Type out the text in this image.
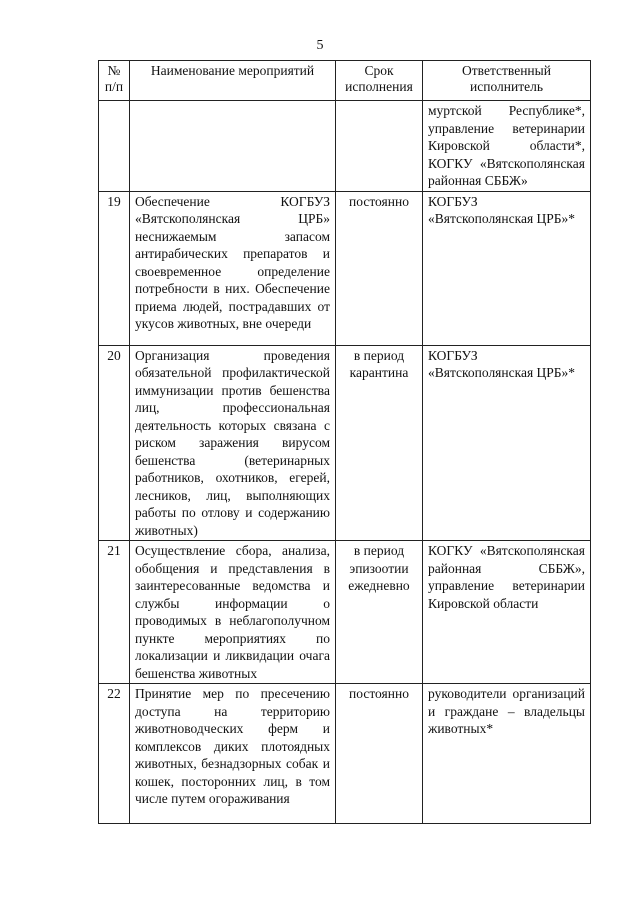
5
№ п/п	Наименование мероприятий	Срок исполнения	Ответственный исполнитель
			муртской Республике*, управление ветеринарии Кировской области*, КОГКУ «Вятскополянская районная СББЖ»
19	Обеспечение КОГБУЗ «Вятскополянская ЦРБ» неснижаемым запасом антирабических препаратов и своевременное определение потребности в них. Обеспечение приема людей, пострадавших от укусов животных, вне очереди	постоянно	КОГБУЗ «Вятскополянская ЦРБ»*
20	Организация проведения обязательной профилактической иммунизации против бешенства лиц, профессиональная деятельность которых связана с риском заражения вирусом бешенства (ветеринарных работников, охотников, егерей, лесников, лиц, выполняющих работы по отлову и содержанию животных)	в период карантина	КОГБУЗ «Вятскополянская ЦРБ»*
21	Осуществление сбора, анализа, обобщения и представления в заинтересованные ведомства и службы информации о проводимых в неблагополучном пункте мероприятиях по локализации и ликвидации очага бешенства животных	в период эпизоотии ежедневно	КОГКУ «Вятскополянская районная СББЖ», управление ветеринарии Кировской области
22	Принятие мер по пресечению доступа на территорию животноводческих ферм и комплексов диких плотоядных животных, безнадзорных собак и кошек, посторонних лиц, в том числе путем огораживания	постоянно	руководители организаций и граждане – владельцы животных*
